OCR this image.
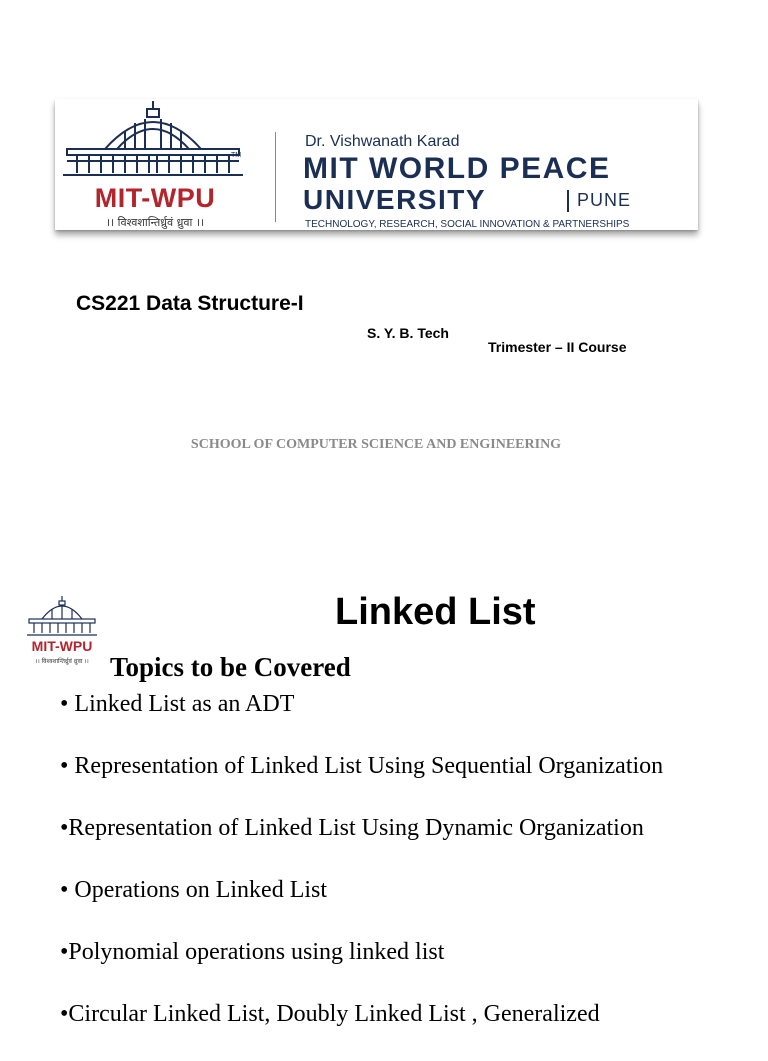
TM
MIT-WPU
।। विश्वशान्तिर्ध्रुवं ध्रुवा ।।
Dr. Vishwanath Karad
MIT WORLD PEACE
UNIVERSITY	PUNE
TECHNOLOGY, RESEARCH, SOCIAL INNOVATION & PARTNERSHIPS
CS221 Data Structure-I
S. Y. B. Tech
Trimester – II Course
SCHOOL OF COMPUTER SCIENCE AND ENGINEERING
MIT-WPU
।। विश्वशान्तिर्ध्रुवं ध्रुवा ।।
Linked List
Topics to be Covered
• Linked List as an ADT
• Representation of Linked List Using Sequential Organization
•Representation of Linked List Using Dynamic Organization
• Operations on Linked List
•Polynomial operations using linked list
•Circular Linked List, Doubly Linked List , Generalized
